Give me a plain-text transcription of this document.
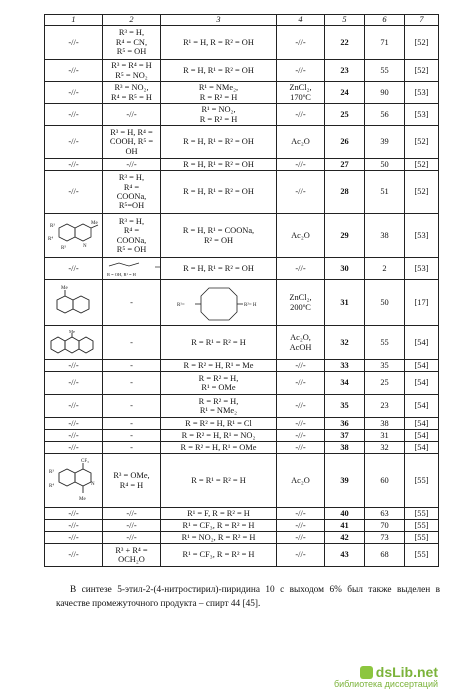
1	2	3	4	5	6	7
-//-	R³ = H,
R⁴ = CN,
R⁵ = OH	R¹ = H, R = R² = OH	-//-	22	71	[52]
-//-	R³ = R⁴ = H
R⁵ = NO₂	R = H, R¹ = R² = OH	-//-	23	55	[52]
-//-	R³ = NO₂,
R⁴ = R⁵ = H	R¹ = NMe₂,
R = R² = H	ZnCl₂,
170ºC	24	90	[53]
-//-	-//-	R¹ = NO₂,
R = R² = H	-//-	25	56	[53]
-//-	R³ = H, R⁴ =
COOH, R⁵ =
OH	R = H, R¹ = R² = OH	Ac₂O	26	39	[52]
-//-	-//-	R = H, R¹ = R² = OH	-//-	27	50	[52]
-//-	R³ = H,
R⁴ =
COONa,
R⁵=OH	R = H, R¹ = R² = OH	-//-	28	51	[52]

R³
R⁴
R⁵ N
Me	R³ = H,
R⁴ =
COONa,
R⁵ = OH	R = H, R¹ = COONa,
R² = OH	Ac₂O	29	38	[53]
-//-	R = OH, R¹ = H	R = H, R¹ = R² = OH	-//-	30	2	[53]

Me	-	R¹= R²= H	ZnCl₂,
200ºC	31	50	[17]

Me	-	R = R¹ = R² = H	Ac₂O,
AcOH	32	55	[54]
-//-	-	R = R² = H, R¹ = Me	-//-	33	35	[54]
-//-	-	R = R² = H,
R¹ = OMe	-//-	34	25	[54]
-//-	-	R = R² = H,
R¹ = NMe₂	-//-	35	23	[54]
-//-	-	R = R² = H, R¹ = Cl	-//-	36	38	[54]
-//-	-	R = R² = H, R¹ = NO₂	-//-	37	31	[54]
-//-	-	R = R² = H, R¹ = OMe	-//-	38	32	[54]

CF₃
R³
R⁴ N
Me	R³ = OMe,
R⁴ = H	R = R¹ = R² = H	Ac₂O	39	60	[55]
-//-	-//-	R¹ = F, R = R² = H	-//-	40	63	[55]
-//-	-//-	R¹ = CF₃, R = R² = H	-//-	41	70	[55]
-//-	-//-	R¹ = NO₂, R = R² = H	-//-	42	73	[55]
-//-	R³ + R⁴ =
OCH₂O	R¹ = CF₃, R = R² = H	-//-	43	68	[55]

В синтезе 5-этил-2-(4-нитростирил)-пиридина 10 с выходом 6% был также выделен в качестве промежуточного продукта – спирт 44 [45].

dsLib.net
библиотека диссертаций
